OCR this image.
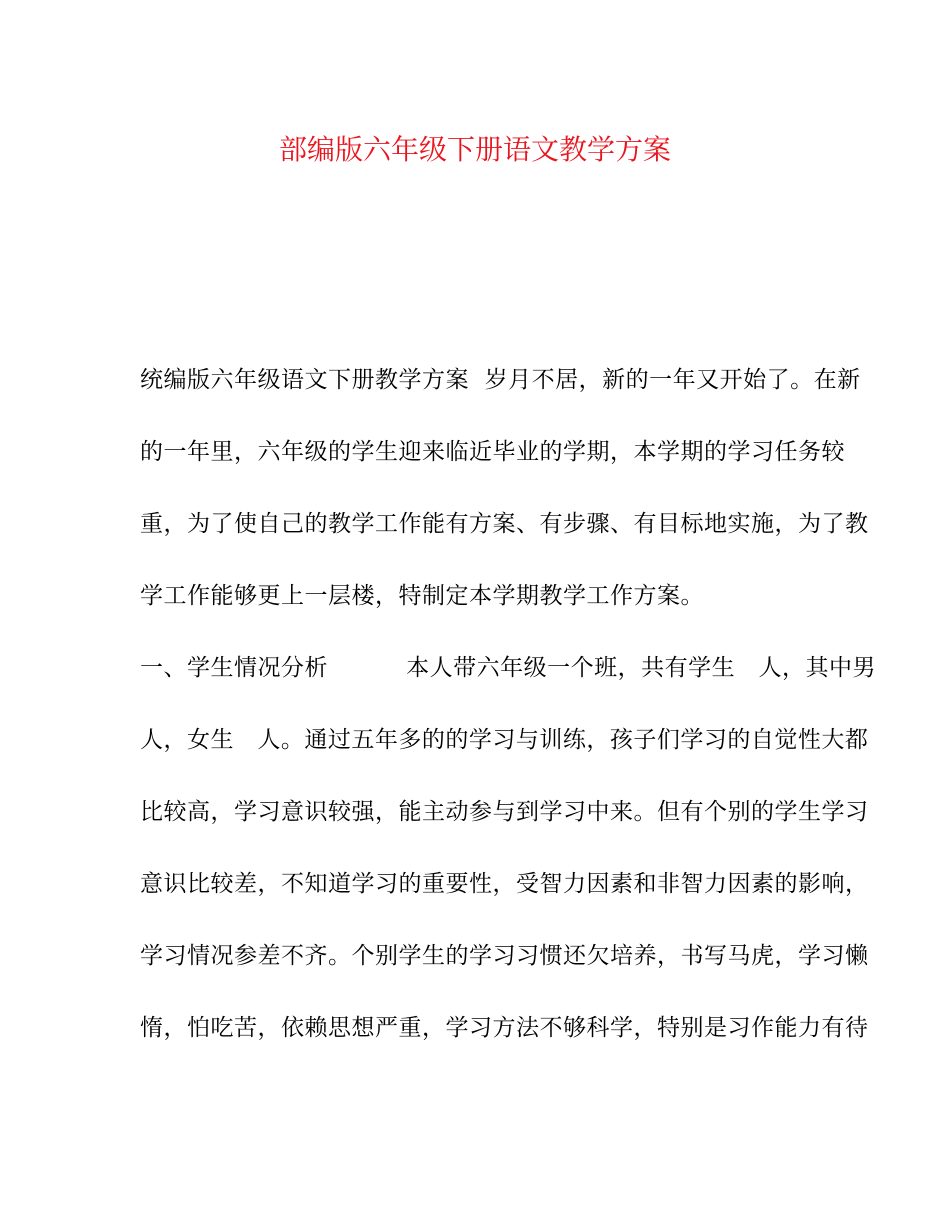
部编版六年级下册语文教学方案
统编版六年级语文下册教学方案  岁月不居，新的一年又开始了。在新
的一年里，六年级的学生迎来临近毕业的学期，本学期的学习任务较
重，为了使自己的教学工作能有方案、有步骤、有目标地实施，为了教
学工作能够更上一层楼，特制定本学期教学工作方案。
一、学生情况分析          本人带六年级一个班，共有学生   人，其中男
人，女生   人。通过五年多的的学习与训练，孩子们学习的自觉性大都
比较高，学习意识较强，能主动参与到学习中来。但有个别的学生学习
意识比较差，不知道学习的重要性，受智力因素和非智力因素的影响，
学习情况参差不齐。个别学生的学习习惯还欠培养，书写马虎，学习懒
惰，怕吃苦，依赖思想严重，学习方法不够科学，特别是习作能力有待
